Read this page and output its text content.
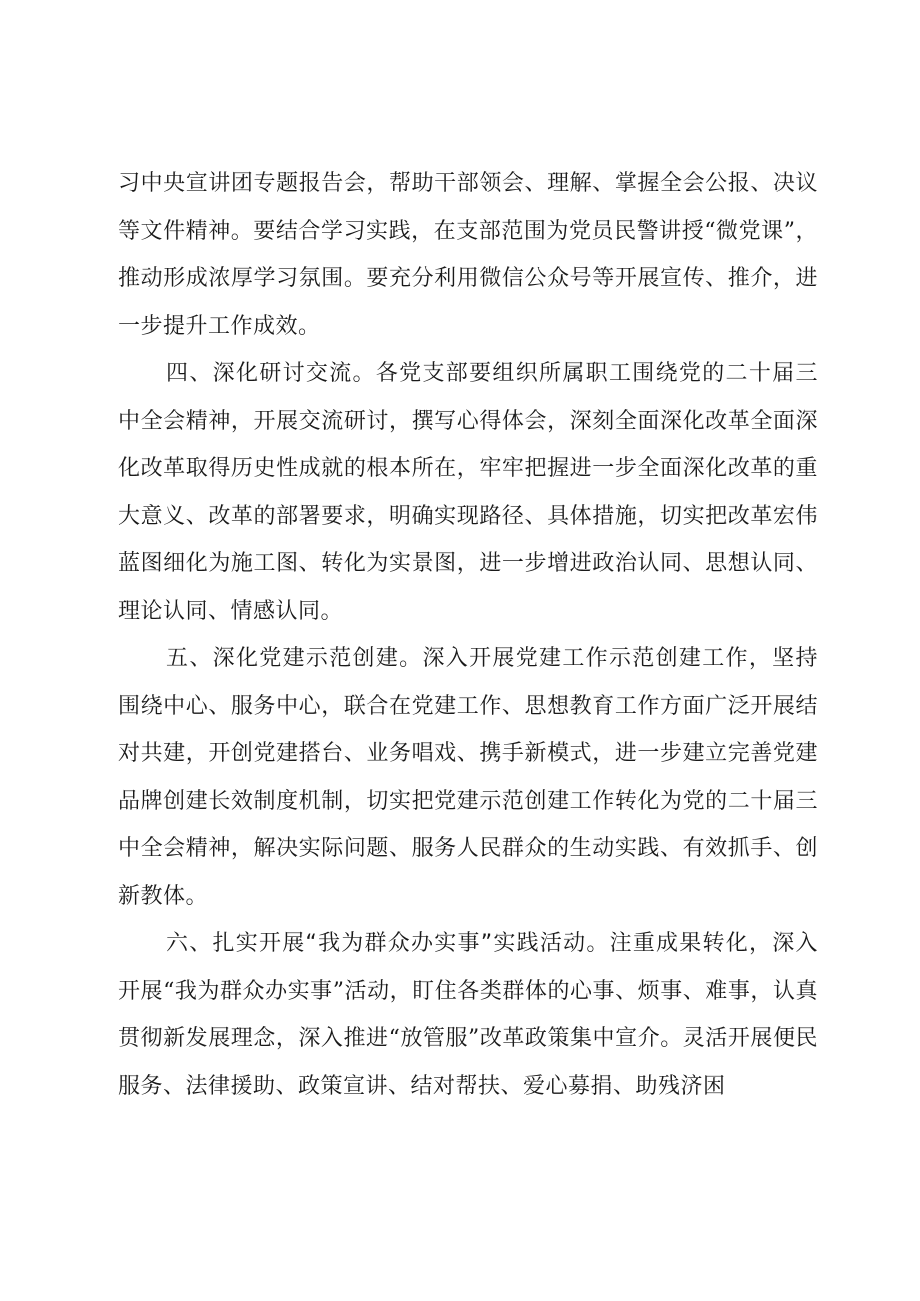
习中央宣讲团专题报告会，帮助干部领会、理解、掌握全会公报、决议等文件精神。要结合学习实践，在支部范围为党员民警讲授“微党课”，推动形成浓厚学习氛围。要充分利用微信公众号等开展宣传、推介，进一步提升工作成效。

四、深化研讨交流。各党支部要组织所属职工围绕党的二十届三中全会精神，开展交流研讨，撰写心得体会，深刻全面深化改革全面深化改革取得历史性成就的根本所在，牢牢把握进一步全面深化改革的重大意义、改革的部署要求，明确实现路径、具体措施，切实把改革宏伟蓝图细化为施工图、转化为实景图，进一步增进政治认同、思想认同、理论认同、情感认同。

五、深化党建示范创建。深入开展党建工作示范创建工作，坚持围绕中心、服务中心，联合在党建工作、思想教育工作方面广泛开展结对共建，开创党建搭台、业务唱戏、携手新模式，进一步建立完善党建品牌创建长效制度机制，切实把党建示范创建工作转化为党的二十届三中全会精神，解决实际问题、服务人民群众的生动实践、有效抓手、创新教体。

六、扎实开展“我为群众办实事”实践活动。注重成果转化，深入开展“我为群众办实事”活动，盯住各类群体的心事、烦事、难事，认真贯彻新发展理念，深入推进“放管服”改革政策集中宣介。灵活开展便民服务、法律援助、政策宣讲、结对帮扶、爱心募捐、助残济困
